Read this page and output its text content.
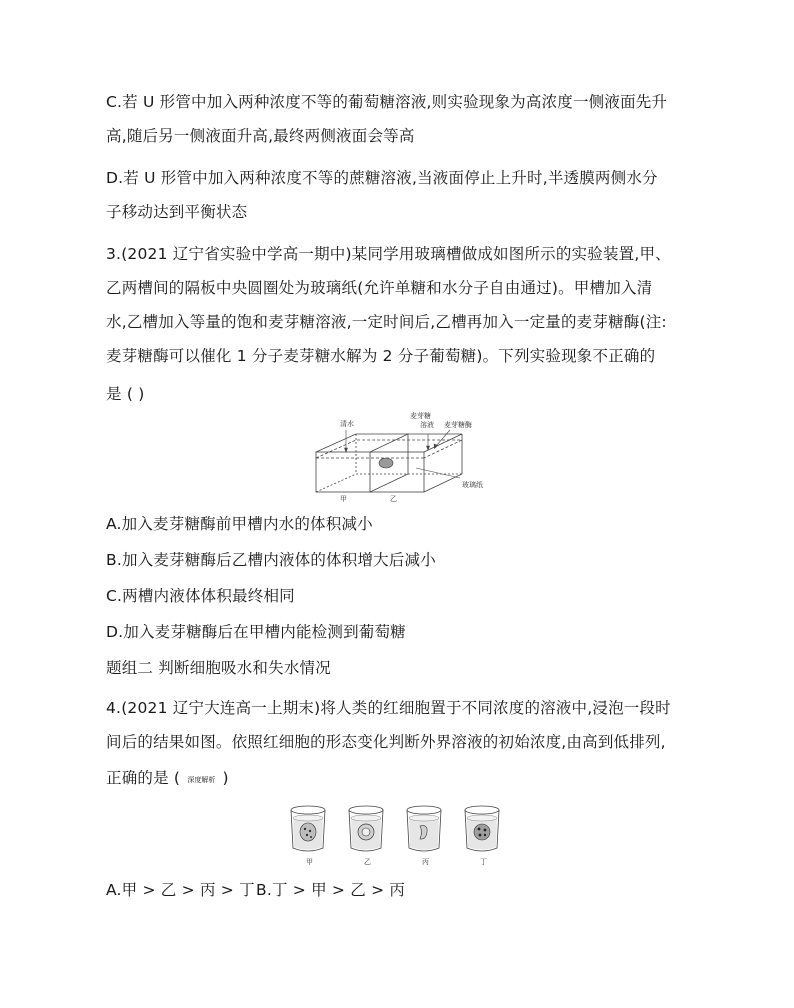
C.若 U 形管中加入两种浓度不等的葡萄糖溶液,则实验现象为高浓度一侧液面先升
高,随后另一侧液面升高,最终两侧液面会等高
D.若 U 形管中加入两种浓度不等的蔗糖溶液,当液面停止上升时,半透膜两侧水分
子移动达到平衡状态
3.(2021 辽宁省实验中学高一期中)某同学用玻璃槽做成如图所示的实验装置,甲、
乙两槽间的隔板中央圆圈处为玻璃纸(允许单糖和水分子自由通过)。甲槽加入清
水,乙槽加入等量的饱和麦芽糖溶液,一定时间后,乙槽再加入一定量的麦芽糖酶(注:
麦芽糖酶可以催化 1 分子麦芽糖水解为 2 分子葡萄糖)。下列实验现象不正确的
是 ( )
清水
麦芽糖
溶液 麦芽糖酶
甲	乙
玻璃纸
A.加入麦芽糖酶前甲槽内水的体积减小
B.加入麦芽糖酶后乙槽内液体的体积增大后减小
C.两槽内液体体积最终相同
D.加入麦芽糖酶后在甲槽内能检测到葡萄糖
题组二 判断细胞吸水和失水情况
4.(2021 辽宁大连高一上期末)将人类的红细胞置于不同浓度的溶液中,浸泡一段时
间后的结果如图。依照红细胞的形态变化判断外界溶液的初始浓度,由高到低排列,
正确的是 ( 深度解析 )
甲	乙	丙	丁
A.甲 > 乙 > 丙 > 丁 B.丁 > 甲 > 乙 > 丙
